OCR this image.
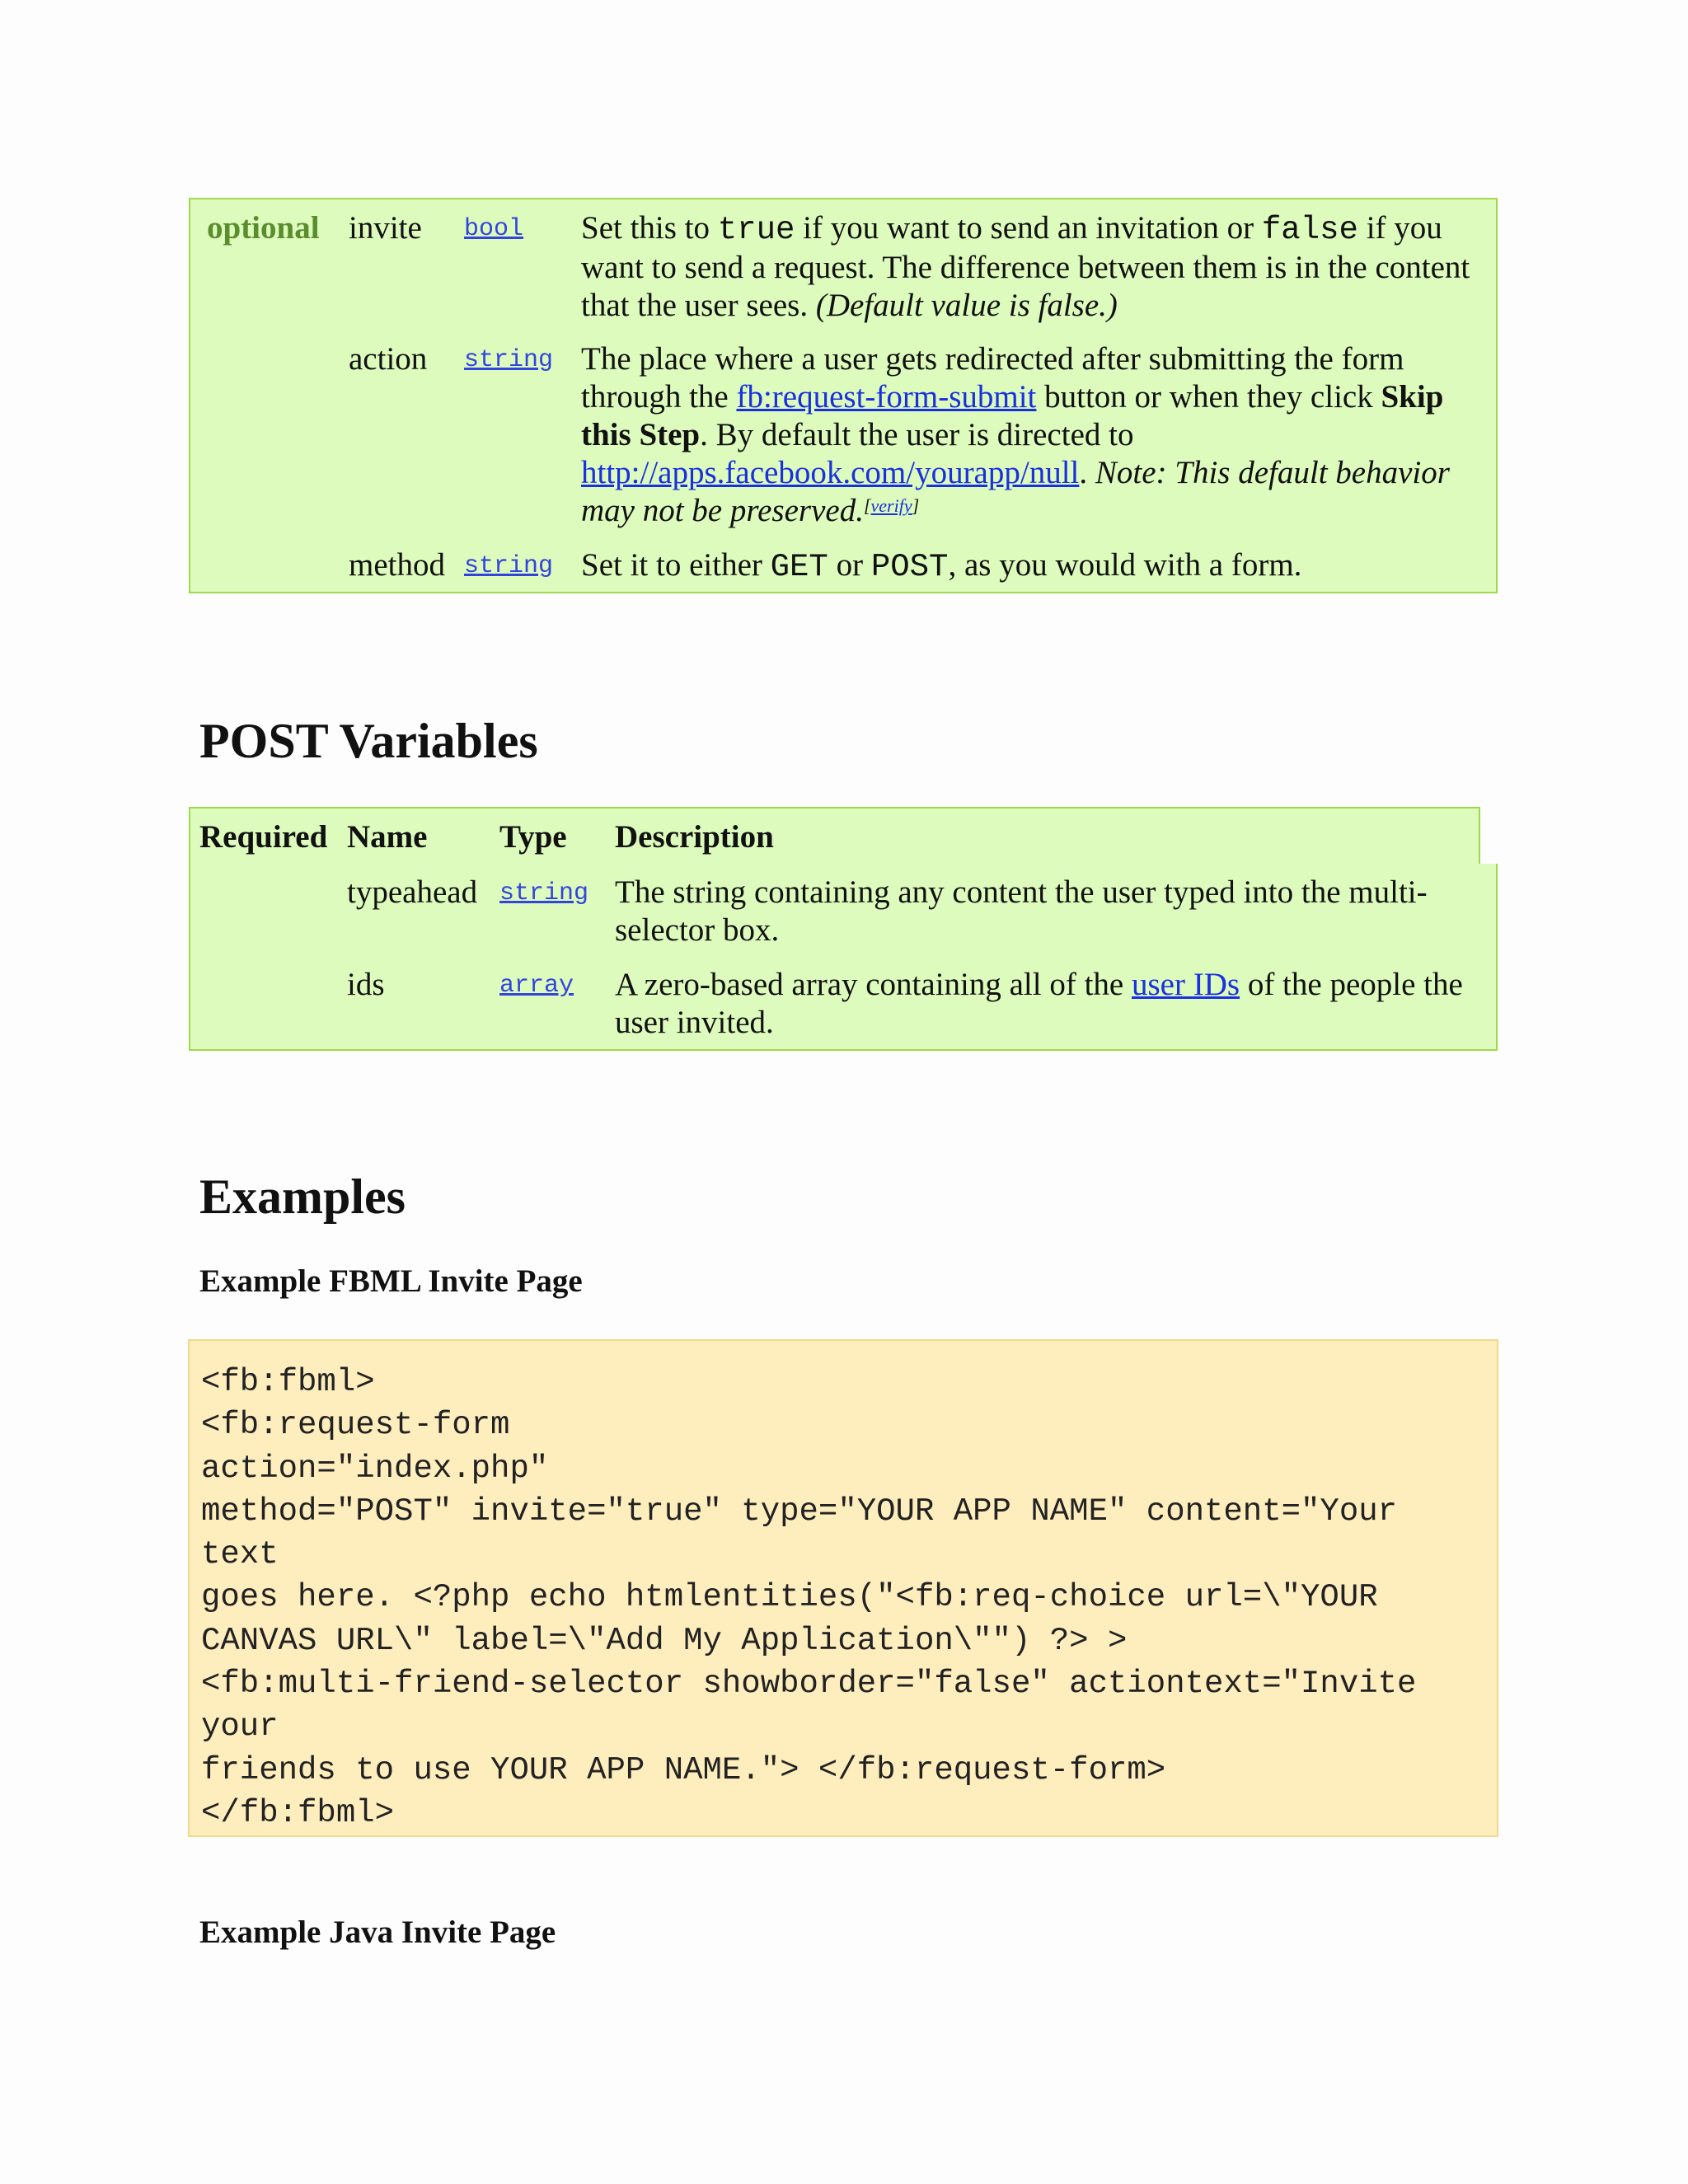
optional invite bool Set this to true if you want to send an invitation or false if you want to send a request. The difference between them is in the content that the user sees. (Default value is false.)
action string The place where a user gets redirected after submitting the form through the fb:request-form-submit button or when they click Skip this Step. By default the user is directed to http://apps.facebook.com/yourapp/null. Note: This default behavior may not be preserved.[verify]
method string Set it to either GET or POST, as you would with a form.
POST Variables
Required Name Type Description
typeahead string The string containing any content the user typed into the multi-selector box.
ids	array A zero-based array containing all of the user IDs of the people the user invited.
Examples
Example FBML Invite Page
<fb:fbml>
<fb:request-form
action="index.php"
method="POST" invite="true" type="YOUR APP NAME" content="Your
text
goes here. <?php echo htmlentities("<fb:req-choice url=\"YOUR
CANVAS URL\" label=\"Add My Application\"") ?> >
<fb:multi-friend-selector showborder="false" actiontext="Invite
your
friends to use YOUR APP NAME."> </fb:request-form>
</fb:fbml>
Example Java Invite Page
